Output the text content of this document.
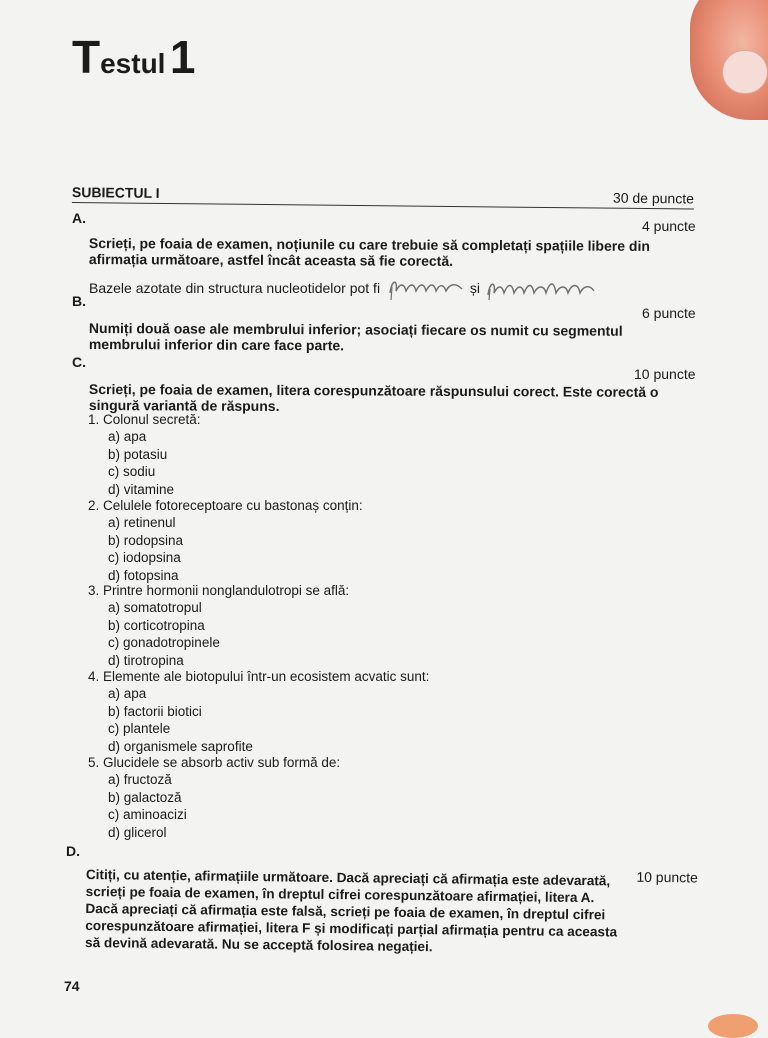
Testul 1
SUBIECTUL I	30 de puncte
A.	4 puncte
Scrieți, pe foaia de examen, noțiunile cu care trebuie să completați spațiile libere din afirmația următoare, astfel încât aceasta să fie corectă.
Bazele azotate din structura nucleotidelor pot fi	și
B.
6 puncte
Numiți două oase ale membrului inferior; asociați fiecare os numit cu segmentul membrului inferior din care face parte.
C.
10 puncte
Scrieți, pe foaia de examen, litera corespunzătoare răspunsului corect. Este corectă o singură variantă de răspuns.
1. Colonul secretă:
a) apa
b) potasiu
c) sodiu
d) vitamine
2. Celulele fotoreceptoare cu bastonaș conțin:
a) retinenul
b) rodopsina
c) iodopsina
d) fotopsina
3. Printre hormonii nonglandulotropi se află:
a) somatotropul
b) corticotropina
c) gonadotropinele
d) tirotropina
4. Elemente ale biotopului într-un ecosistem acvatic sunt:
a) apa
b) factorii biotici
c) plantele
d) organismele saprofite
5. Glucidele se absorb activ sub formă de:
a) fructoză
b) galactoză
c) aminoacizi
d) glicerol
D.
10 puncte
Citiți, cu atenție, afirmațiile următoare. Dacă apreciați că afirmația este adevarată, scrieți pe foaia de examen, în dreptul cifrei corespunzătoare afirmației, litera A. Dacă apreciați că afirmația este falsă, scrieți pe foaia de examen, în dreptul cifrei corespunzătoare afirmației, litera F și modificați parțial afirmația pentru ca aceasta să devină adevarată. Nu se acceptă folosirea negației.
74
